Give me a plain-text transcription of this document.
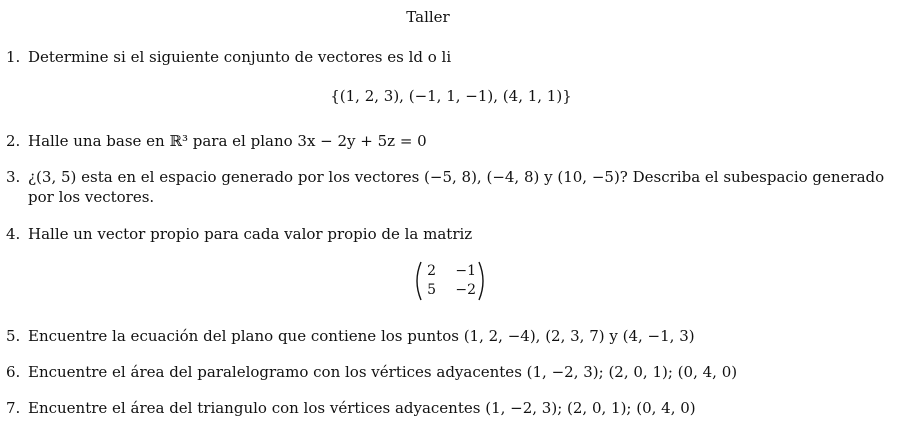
Taller
1. Determine si el siguiente conjunto de vectores es ld o li
{(1, 2, 3), (−1, 1, −1), (4, 1, 1)}
2. Halle una base en ℝ³ para el plano 3x − 2y + 5z = 0
3. ¿(3, 5) esta en el espacio generado por los vectores (−5, 8), (−4, 8) y (10, −5)? Describa el subespacio generado
por los vectores.
4. Halle un vector propio para cada valor propio de la matriz
2	−1
5	−2
5. Encuentre la ecuación del plano que contiene los puntos (1, 2, −4), (2, 3, 7) y (4, −1, 3)
6. Encuentre el área del paralelogramo con los vértices adyacentes (1, −2, 3); (2, 0, 1); (0, 4, 0)
7. Encuentre el área del triangulo con los vértices adyacentes (1, −2, 3); (2, 0, 1); (0, 4, 0)
